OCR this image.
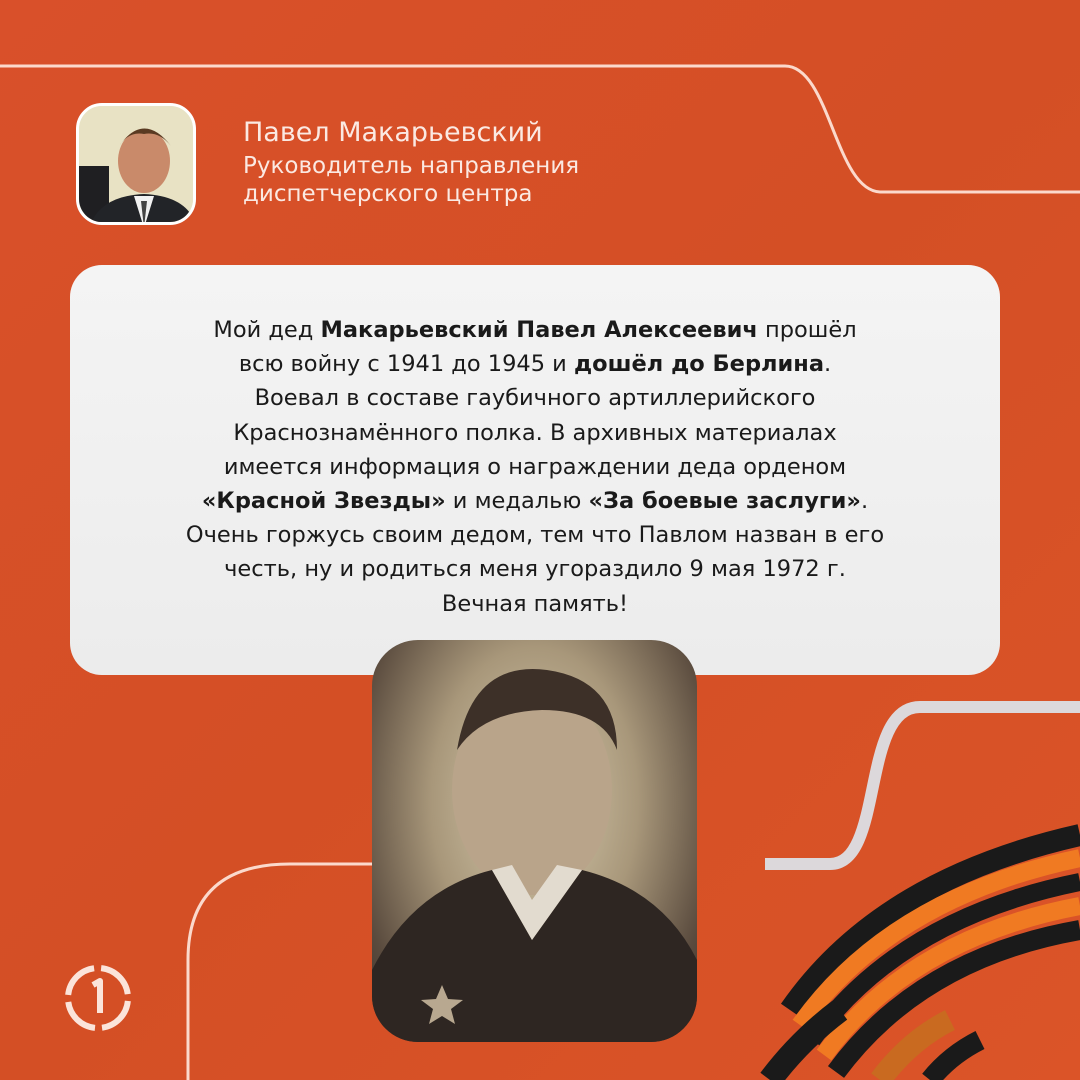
Павел Макарьевский
Руководитель направления
диспетчерского центра
Мой дед Макарьевский Павел Алексеевич прошёл
всю войну с 1941 до 1945 и дошёл до Берлина.
Воевал в составе гаубичного артиллерийского
Краснознамённого полка. В архивных материалах
имеется информация о награждении деда орденом
«Красной Звезды» и медалью «За боевые заслуги».
Очень горжусь своим дедом, тем что Павлом назван в его
честь, ну и родиться меня угораздило 9 мая 1972 г.
Вечная память!
